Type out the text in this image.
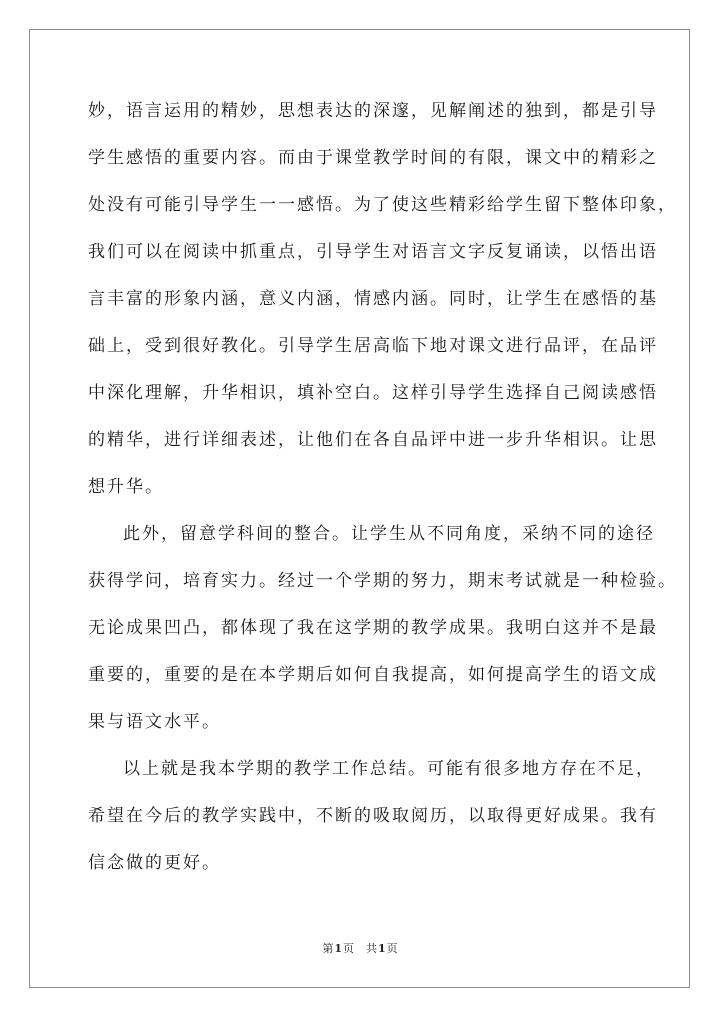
妙，语言运用的精妙，思想表达的深邃，见解阐述的独到，都是引导
学生感悟的重要内容。而由于课堂教学时间的有限，课文中的精彩之
处没有可能引导学生一一感悟。为了使这些精彩给学生留下整体印象，
我们可以在阅读中抓重点，引导学生对语言文字反复诵读，以悟出语
言丰富的形象内涵，意义内涵，情感内涵。同时，让学生在感悟的基
础上，受到很好教化。引导学生居高临下地对课文进行品评，在品评
中深化理解，升华相识，填补空白。这样引导学生选择自己阅读感悟
的精华，进行详细表述，让他们在各自品评中进一步升华相识。让思
想升华。
此外，留意学科间的整合。让学生从不同角度，采纳不同的途径
获得学问，培育实力。经过一个学期的努力，期末考试就是一种检验。
无论成果凹凸，都体现了我在这学期的教学成果。我明白这并不是最
重要的，重要的是在本学期后如何自我提高，如何提高学生的语文成
果与语文水平。
以上就是我本学期的教学工作总结。可能有很多地方存在不足，
希望在今后的教学实践中，不断的吸取阅历，以取得更好成果。我有
信念做的更好。
第1页 共1页
